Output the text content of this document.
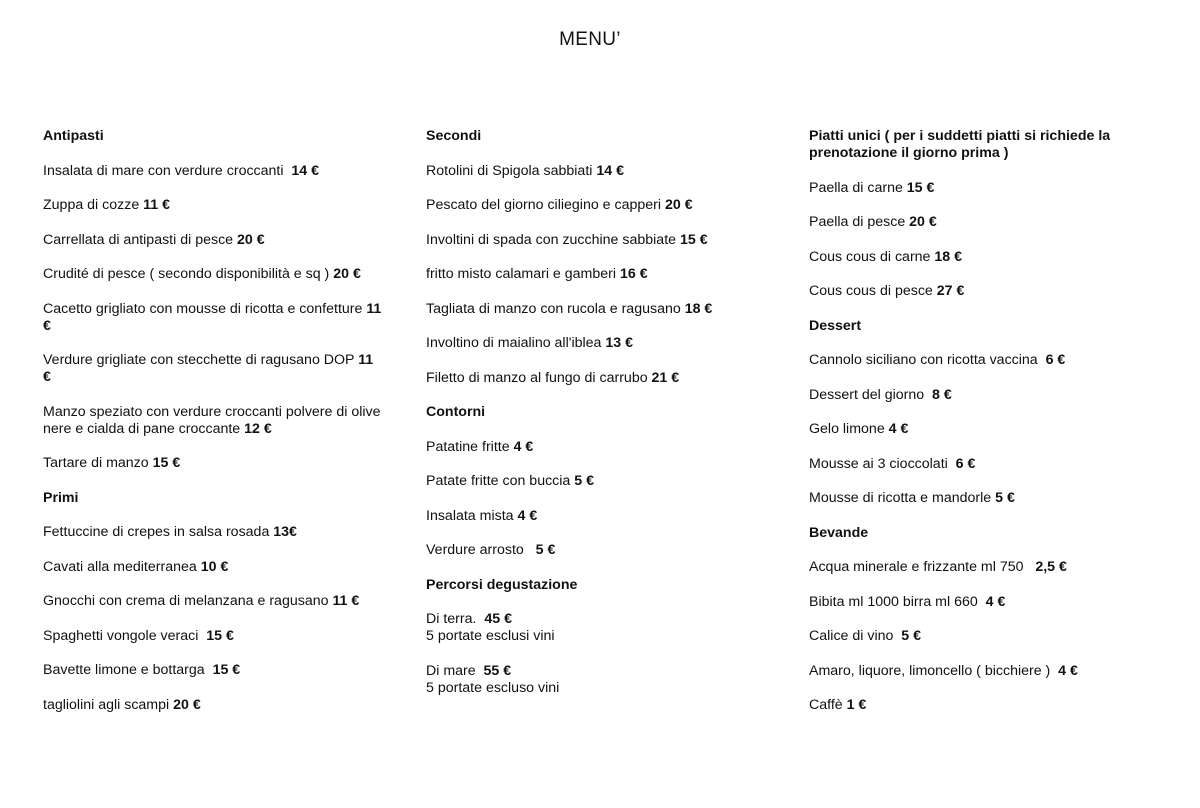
MENU’
Antipasti
Insalata di mare con verdure croccanti  14 €
Zuppa di cozze 11 €
Carrellata di antipasti di pesce 20 €
Crudité di pesce ( secondo disponibilità e sq ) 20 €
Cacetto grigliato con mousse di ricotta e confetture 11 €
Verdure grigliate con stecchette di ragusano DOP 11 €
Manzo speziato con verdure croccanti polvere di olive nere e cialda di pane croccante 12 €
Tartare di manzo 15 €
Primi
Fettuccine di crepes in salsa rosada 13€
Cavati alla mediterranea 10 €
Gnocchi con crema di melanzana e ragusano 11 €
Spaghetti vongole veraci  15 €
Bavette limone e bottarga  15 €
tagliolini agli scampi 20 €
Secondi
Rotolini di Spigola sabbiati 14 €
Pescato del giorno ciliegino e capperi 20 €
Involtini di spada con zucchine sabbiate 15 €
fritto misto calamari e gamberi 16 €
Tagliata di manzo con rucola e ragusano 18 €
Involtino di maialino all'iblea 13 €
Filetto di manzo al fungo di carrubo 21 €
Contorni
Patatine fritte 4 €
Patate fritte con buccia 5 €
Insalata mista 4 €
Verdure arrosto   5 €
Percorsi degustazione
Di terra.  45 €
5 portate esclusi vini
Di mare  55 €
5 portate escluso vini
Piatti unici ( per i suddetti piatti si richiede la prenotazione il giorno prima )
Paella di carne 15 €
Paella di pesce 20 €
Cous cous di carne 18 €
Cous cous di pesce 27 €
Dessert
Cannolo siciliano con ricotta vaccina  6 €
Dessert del giorno  8 €
Gelo limone 4 €
Mousse ai 3 cioccolati  6 €
Mousse di ricotta e mandorle 5 €
Bevande
Acqua minerale e frizzante ml 750   2,5 €
Bibita ml 1000 birra ml 660  4 €
Calice di vino  5 €
Amaro, liquore, limoncello ( bicchiere )  4 €
Caffè 1 €
